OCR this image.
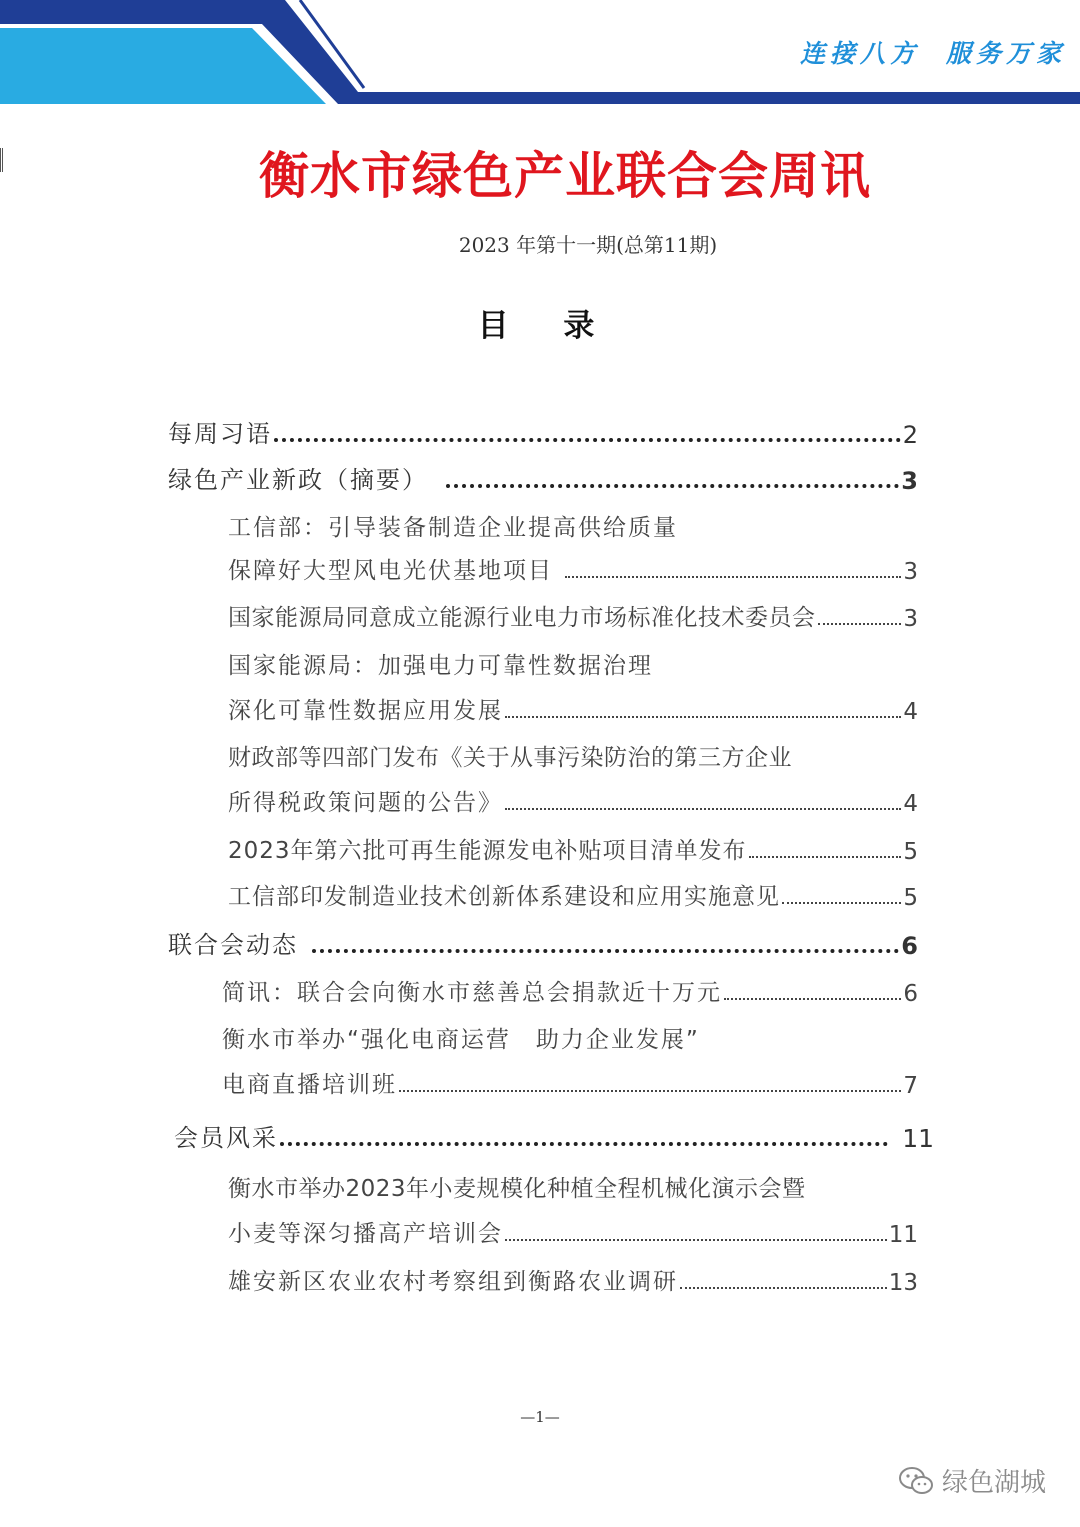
连接八方 服务万家
衡水市绿色产业联合会周讯
2023 年第十一期(总第11期)
目 录
每周习语	2
绿色产业新政（摘要）	3
工信部：引导装备制造企业提高供给质量
保障好大型风电光伏基地项目	3
国家能源局同意成立能源行业电力市场标准化技术委员会	3
国家能源局：加强电力可靠性数据治理
深化可靠性数据应用发展	4
财政部等四部门发布《关于从事污染防治的第三方企业
所得税政策问题的公告》	4
2023年第六批可再生能源发电补贴项目清单发布	5
工信部印发制造业技术创新体系建设和应用实施意见	5
联合会动态	6
简讯：联合会向衡水市慈善总会捐款近十万元	6
衡水市举办“强化电商运营　助力企业发展”
电商直播培训班	7
会员风采	11
衡水市举办2023年小麦规模化种植全程机械化演示会暨
小麦等深匀播高产培训会	11
雄安新区农业农村考察组到衡路农业调研	13
—1—
绿色湖城
